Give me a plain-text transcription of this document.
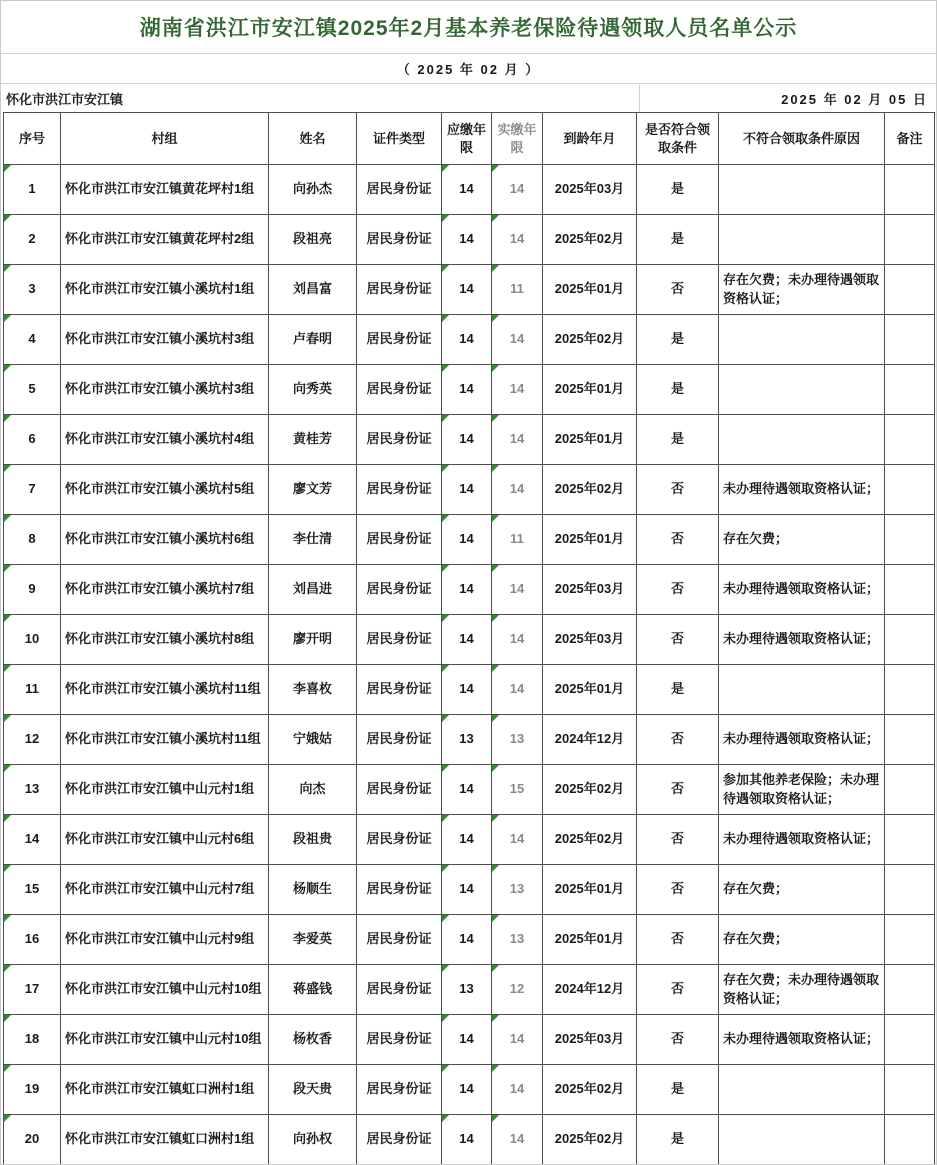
湖南省洪江市安江镇2025年2月基本养老保险待遇领取人员名单公示
（ 2025 年 02 月 ）
怀化市洪江市安江镇	2025 年 02 月 05 日
序号	村组	姓名	证件类型	应缴年限	实缴年限	到龄年月	是否符合领取条件	不符合领取条件原因	备注

1	怀化市洪江市安江镇黄花坪村1组	向孙杰	居民身份证	14	14	2025年03月	是		

2	怀化市洪江市安江镇黄花坪村2组	段祖亮	居民身份证	14	14	2025年02月	是		

3	怀化市洪江市安江镇小溪坑村1组	刘昌富	居民身份证	14	11	2025年01月	否	存在欠费；未办理待遇领取资格认证；	

4	怀化市洪江市安江镇小溪坑村3组	卢春明	居民身份证	14	14	2025年02月	是		

5	怀化市洪江市安江镇小溪坑村3组	向秀英	居民身份证	14	14	2025年01月	是		

6	怀化市洪江市安江镇小溪坑村4组	黄桂芳	居民身份证	14	14	2025年01月	是		

7	怀化市洪江市安江镇小溪坑村5组	廖文芳	居民身份证	14	14	2025年02月	否	未办理待遇领取资格认证；	

8	怀化市洪江市安江镇小溪坑村6组	李仕清	居民身份证	14	11	2025年01月	否	存在欠费；	

9	怀化市洪江市安江镇小溪坑村7组	刘昌进	居民身份证	14	14	2025年03月	否	未办理待遇领取资格认证；	

10	怀化市洪江市安江镇小溪坑村8组	廖开明	居民身份证	14	14	2025年03月	否	未办理待遇领取资格认证；	

11	怀化市洪江市安江镇小溪坑村11组	李喜枚	居民身份证	14	14	2025年01月	是		

12	怀化市洪江市安江镇小溪坑村11组	宁娥姑	居民身份证	13	13	2024年12月	否	未办理待遇领取资格认证；	

13	怀化市洪江市安江镇中山元村1组	向杰	居民身份证	14	15	2025年02月	否	参加其他养老保险；未办理待遇领取资格认证；	

14	怀化市洪江市安江镇中山元村6组	段祖贵	居民身份证	14	14	2025年02月	否	未办理待遇领取资格认证；	

15	怀化市洪江市安江镇中山元村7组	杨顺生	居民身份证	14	13	2025年01月	否	存在欠费；	

16	怀化市洪江市安江镇中山元村9组	李爱英	居民身份证	14	13	2025年01月	否	存在欠费；	

17	怀化市洪江市安江镇中山元村10组	蒋盛钱	居民身份证	13	12	2024年12月	否	存在欠费；未办理待遇领取资格认证；	

18	怀化市洪江市安江镇中山元村10组	杨枚香	居民身份证	14	14	2025年03月	否	未办理待遇领取资格认证；	

19	怀化市洪江市安江镇虹口洲村1组	段天贵	居民身份证	14	14	2025年02月	是		

20	怀化市洪江市安江镇虹口洲村1组	向孙权	居民身份证	14	14	2025年02月	是		
